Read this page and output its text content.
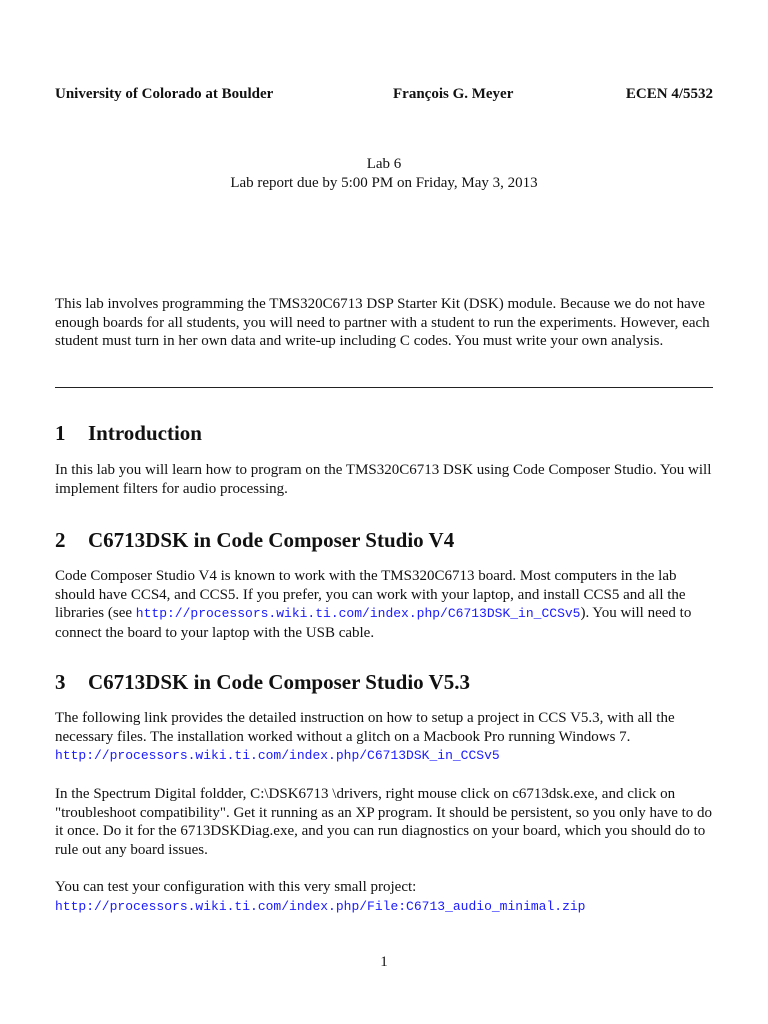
University of Colorado at Boulder	François G. Meyer	ECEN 4/5532
Lab 6
Lab report due by 5:00 PM on Friday, May 3, 2013

This lab involves programming the TMS320C6713 DSP Starter Kit (DSK) module. Because we do not have enough boards for all students, you will need to partner with a student to run the experiments. However, each student must turn in her own data and write-up including C codes. You must write your own analysis.

1 Introduction

In this lab you will learn how to program on the TMS320C6713 DSK using Code Composer Studio. You will implement filters for audio processing.

2 C6713DSK in Code Composer Studio V4

Code Composer Studio V4 is known to work with the TMS320C6713 board. Most computers in the lab should have CCS4, and CCS5. If you prefer, you can work with your laptop, and install CCS5 and all the libraries (see http://processors.wiki.ti.com/index.php/C6713DSK_in_CCSv5). You will need to connect the board to your laptop with the USB cable.

3 C6713DSK in Code Composer Studio V5.3
The following link provides the detailed instruction on how to setup a project in CCS V5.3, with all the necessary files. The installation worked without a glitch on a Macbook Pro running Windows 7.
http://processors.wiki.ti.com/index.php/C6713DSK_in_CCSv5

In the Spectrum Digital foldder, C:\DSK6713 \drivers, right mouse click on c6713dsk.exe, and click on "troubleshoot compatibility". Get it running as an XP program. It should be persistent, so you only have to do it once. Do it for the 6713DSKDiag.exe, and you can run diagnostics on your board, which you should do to rule out any board issues.

You can test your configuration with this very small project:
http://processors.wiki.ti.com/index.php/File:C6713_audio_minimal.zip
1
